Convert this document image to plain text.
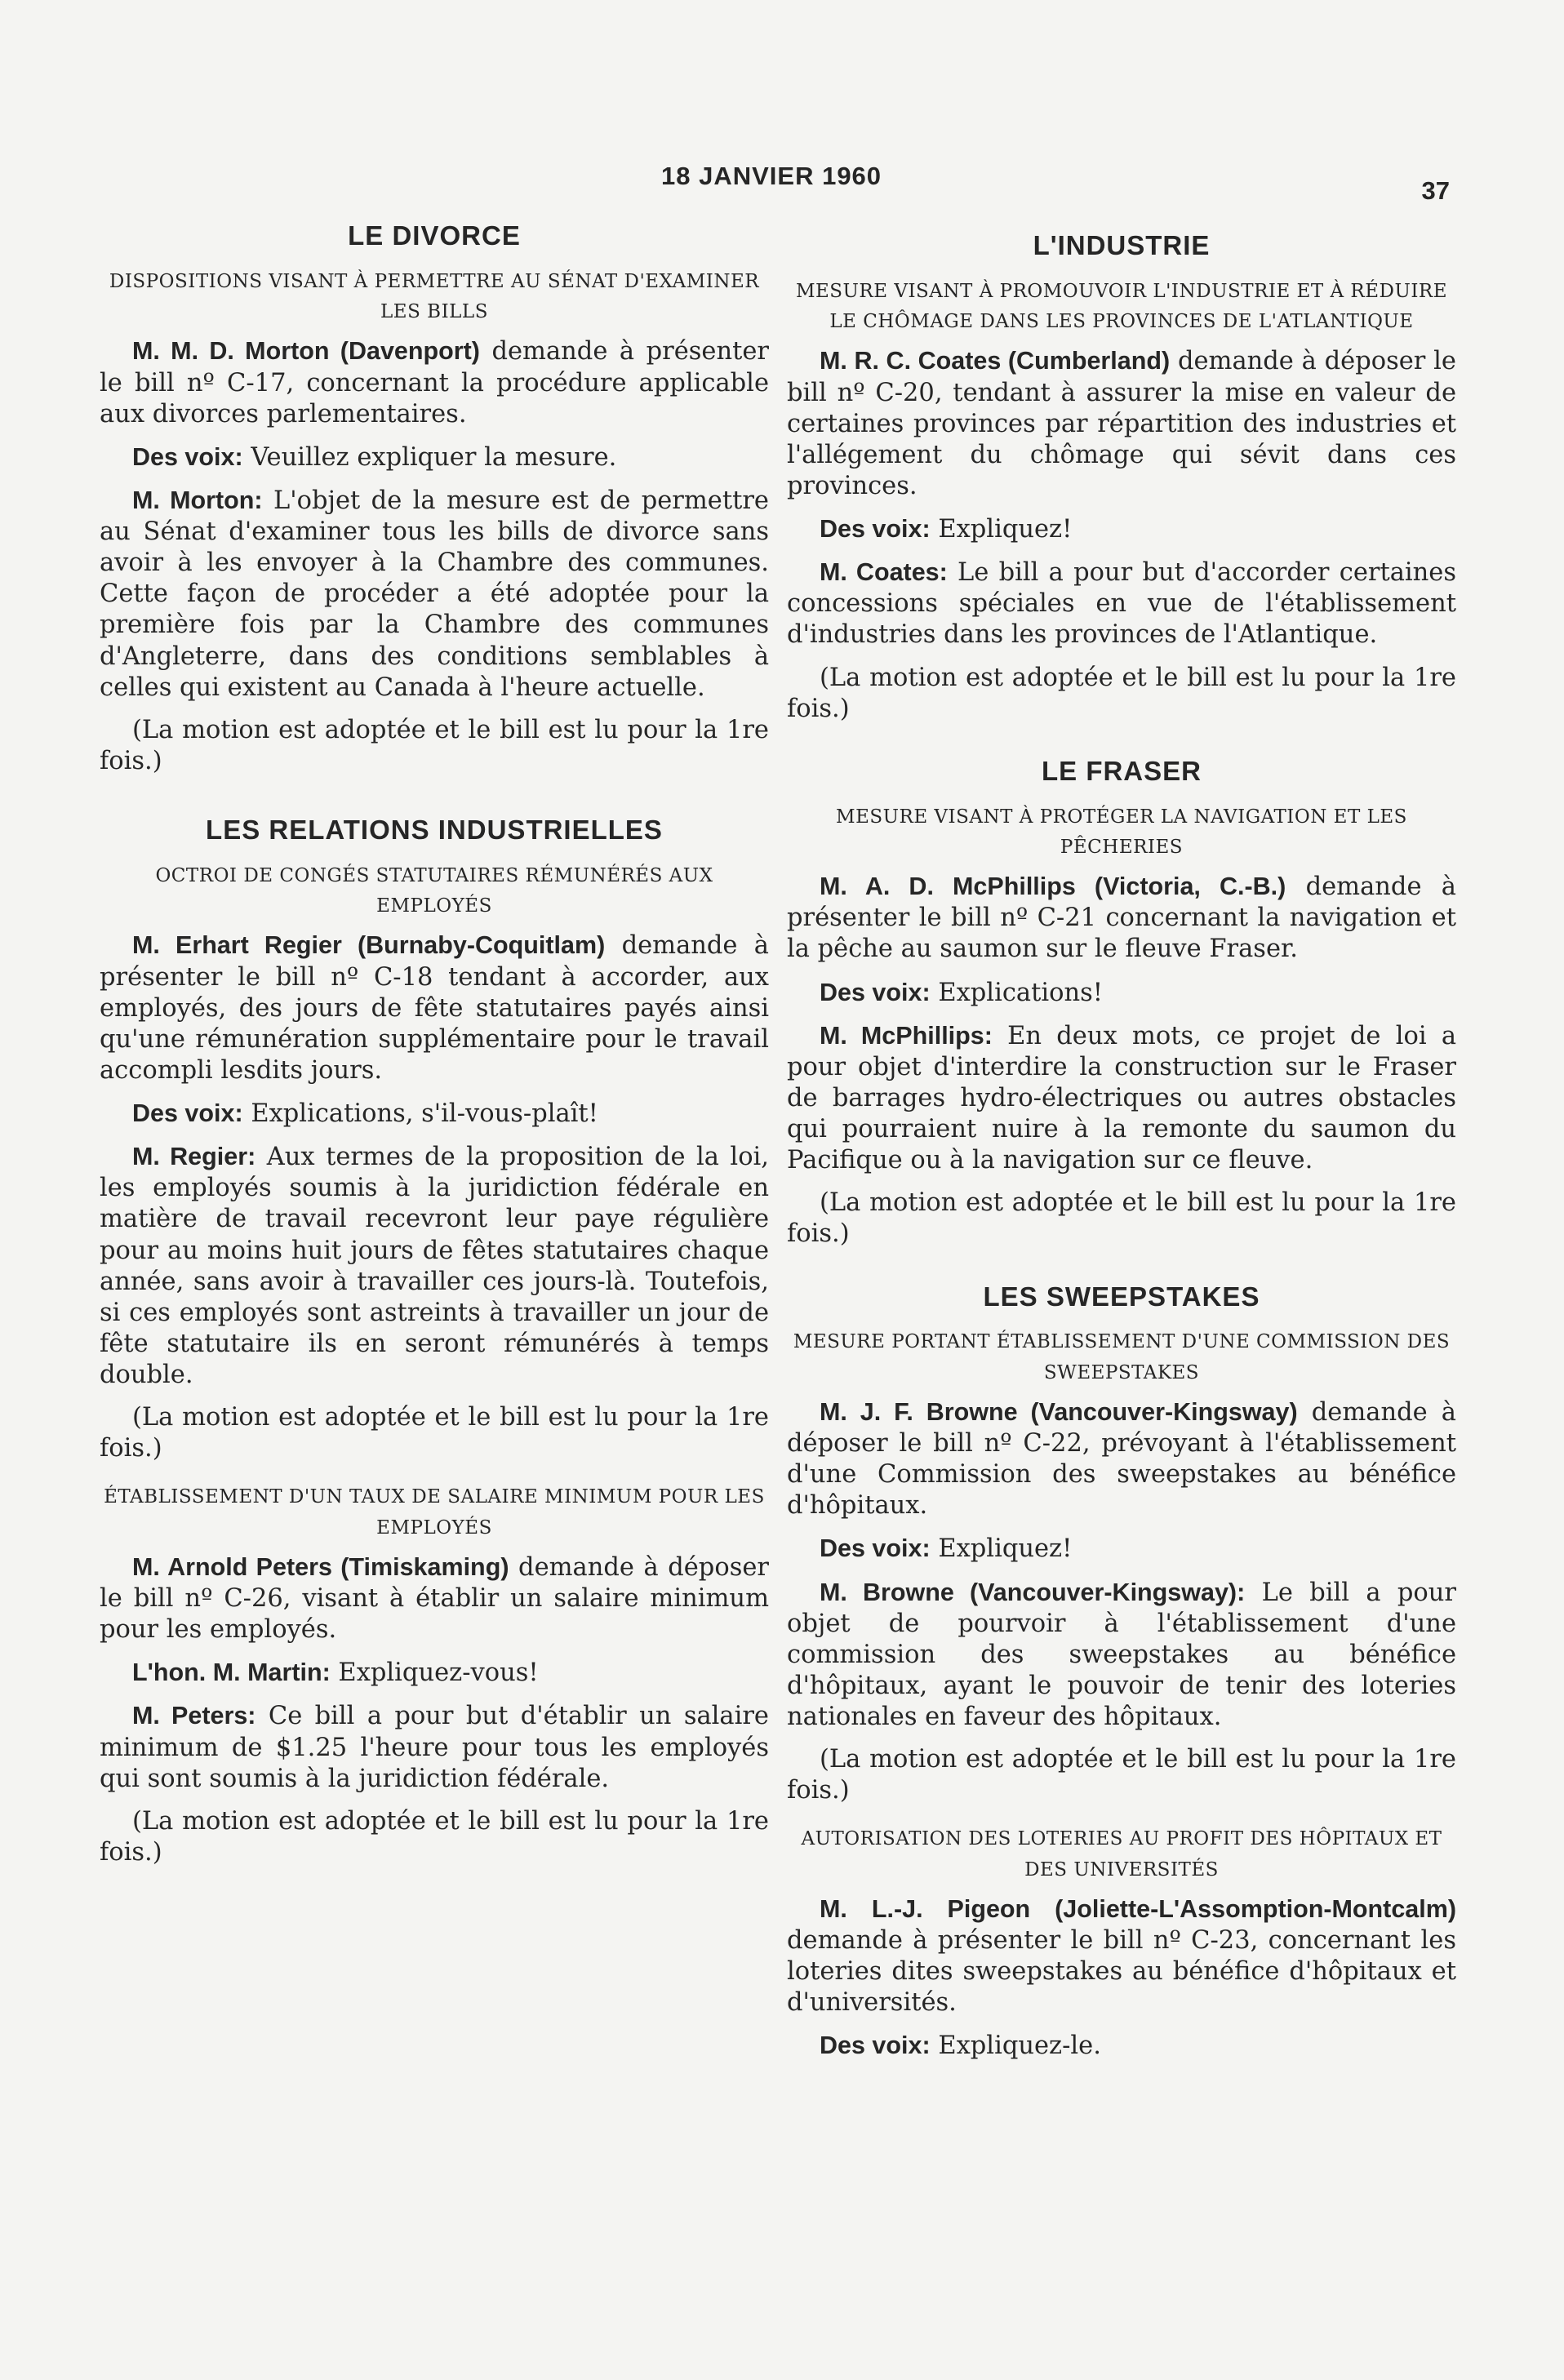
18 JANVIER 1960
37
LE DIVORCE
DISPOSITIONS VISANT À PERMETTRE AU SÉNAT D'EXAMINER LES BILLS

M. M. D. Morton (Davenport) demande à présenter le bill nº C-17, concernant la procédure applicable aux divorces parlementaires.

Des voix: Veuillez expliquer la mesure.

M. Morton: L'objet de la mesure est de permettre au Sénat d'examiner tous les bills de divorce sans avoir à les envoyer à la Chambre des communes. Cette façon de procéder a été adoptée pour la première fois par la Chambre des communes d'Angleterre, dans des conditions semblables à celles qui existent au Canada à l'heure actuelle.

(La motion est adoptée et le bill est lu pour la 1re fois.)

LES RELATIONS INDUSTRIELLES
OCTROI DE CONGÉS STATUTAIRES RÉMUNÉRÉS AUX EMPLOYÉS

M. Erhart Regier (Burnaby-Coquitlam) demande à présenter le bill nº C-18 tendant à accorder, aux employés, des jours de fête statutaires payés ainsi qu'une rémunération supplémentaire pour le travail accompli lesdits jours.

Des voix: Explications, s'il-vous-plaît!

M. Regier: Aux termes de la proposition de la loi, les employés soumis à la juridiction fédérale en matière de travail recevront leur paye régulière pour au moins huit jours de fêtes statutaires chaque année, sans avoir à travailler ces jours-là. Toutefois, si ces employés sont astreints à travailler un jour de fête statutaire ils en seront rémunérés à temps double.

(La motion est adoptée et le bill est lu pour la 1re fois.)

ÉTABLISSEMENT D'UN TAUX DE SALAIRE MINIMUM POUR LES EMPLOYÉS

M. Arnold Peters (Timiskaming) demande à déposer le bill nº C-26, visant à établir un salaire minimum pour les employés.

L'hon. M. Martin: Expliquez-vous!

M. Peters: Ce bill a pour but d'établir un salaire minimum de $1.25 l'heure pour tous les employés qui sont soumis à la juridiction fédérale.

(La motion est adoptée et le bill est lu pour la 1re fois.)

L'INDUSTRIE
MESURE VISANT À PROMOUVOIR L'INDUSTRIE ET À RÉDUIRE LE CHÔMAGE DANS LES PROVINCES DE L'ATLANTIQUE

M. R. C. Coates (Cumberland) demande à déposer le bill nº C-20, tendant à assurer la mise en valeur de certaines provinces par répartition des industries et l'allégement du chômage qui sévit dans ces provinces.

Des voix: Expliquez!

M. Coates: Le bill a pour but d'accorder certaines concessions spéciales en vue de l'établissement d'industries dans les provinces de l'Atlantique.

(La motion est adoptée et le bill est lu pour la 1re fois.)

LE FRASER
MESURE VISANT À PROTÉGER LA NAVIGATION ET LES PÊCHERIES

M. A. D. McPhillips (Victoria, C.-B.) demande à présenter le bill nº C-21 concernant la navigation et la pêche au saumon sur le fleuve Fraser.

Des voix: Explications!

M. McPhillips: En deux mots, ce projet de loi a pour objet d'interdire la construction sur le Fraser de barrages hydro-électriques ou autres obstacles qui pourraient nuire à la remonte du saumon du Pacifique ou à la navigation sur ce fleuve.

(La motion est adoptée et le bill est lu pour la 1re fois.)

LES SWEEPSTAKES
MESURE PORTANT ÉTABLISSEMENT D'UNE COMMISSION DES SWEEPSTAKES

M. J. F. Browne (Vancouver-Kingsway) demande à déposer le bill nº C-22, prévoyant à l'établissement d'une Commission des sweepstakes au bénéfice d'hôpitaux.

Des voix: Expliquez!

M. Browne (Vancouver-Kingsway): Le bill a pour objet de pourvoir à l'établissement d'une commission des sweepstakes au bénéfice d'hôpitaux, ayant le pouvoir de tenir des loteries nationales en faveur des hôpitaux.

(La motion est adoptée et le bill est lu pour la 1re fois.)

AUTORISATION DES LOTERIES AU PROFIT DES HÔPITAUX ET DES UNIVERSITÉS

M. L.-J. Pigeon (Joliette-L'Assomption-Montcalm) demande à présenter le bill nº C-23, concernant les loteries dites sweepstakes au bénéfice d'hôpitaux et d'universités.

Des voix: Expliquez-le.
